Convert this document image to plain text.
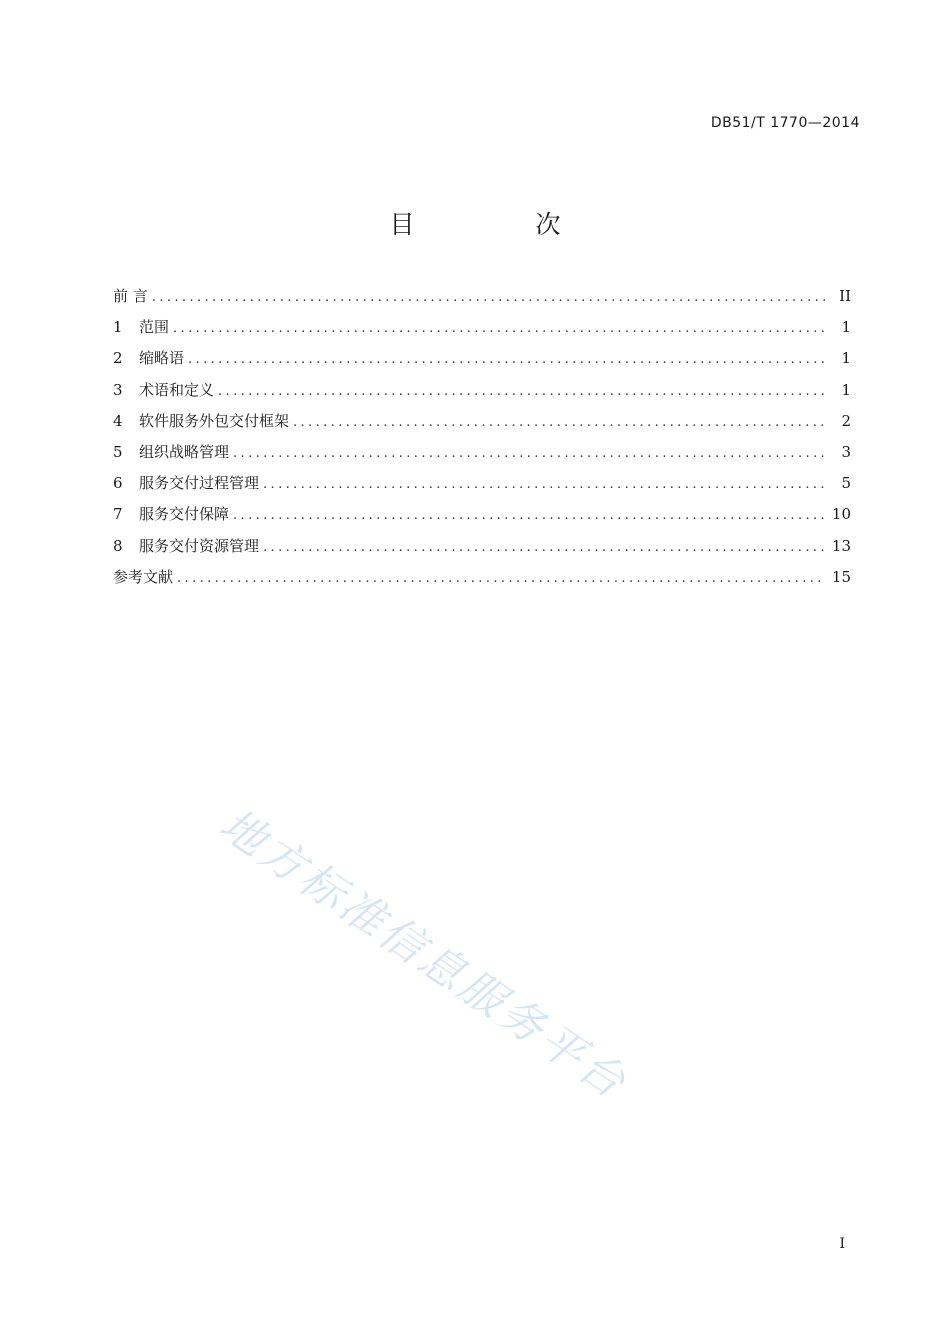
DB51/T 1770—2014
目　次
前 言 .....	II
1	范围 .....	1
2	缩略语 .....	1
3	术语和定义 .....	1
4	软件服务外包交付框架 .....	2
5	组织战略管理 .....	3
6	服务交付过程管理 .....	5
7	服务交付保障 .....	10
8	服务交付资源管理 .....	13
参考文献 .....	15
地方标准信息服务平台
I
